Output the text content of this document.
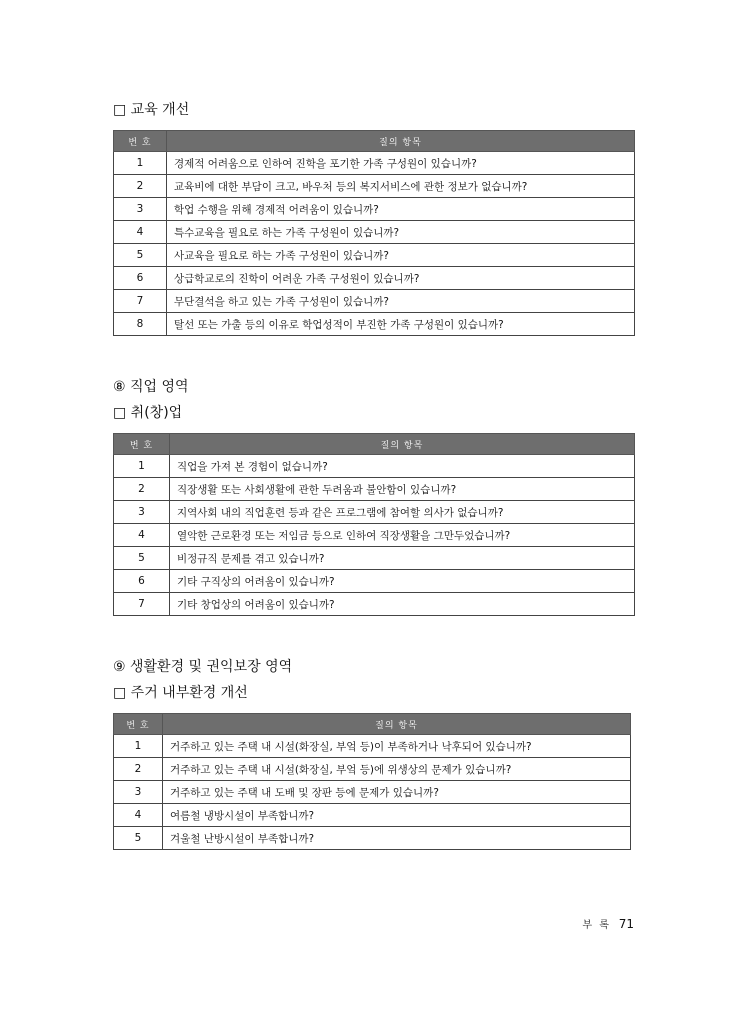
□ 교육 개선
번 호	질의 항목
1	경제적 어려움으로 인하여 진학을 포기한 가족 구성원이 있습니까?
2	교육비에 대한 부담이 크고, 바우처 등의 복지서비스에 관한 정보가 없습니까?
3	학업 수행을 위해 경제적 어려움이 있습니까?
4	특수교육을 필요로 하는 가족 구성원이 있습니까?
5	사교육을 필요로 하는 가족 구성원이 있습니까?
6	상급학교로의 진학이 어려운 가족 구성원이 있습니까?
7	무단결석을 하고 있는 가족 구성원이 있습니까?
8	탈선 또는 가출 등의 이유로 학업성적이 부진한 가족 구성원이 있습니까?
⑧ 직업 영역
□ 취(창)업
번 호	질의 항목
1	직업을 가져 본 경험이 없습니까?
2	직장생활 또는 사회생활에 관한 두려움과 불안함이 있습니까?
3	지역사회 내의 직업훈련 등과 같은 프로그램에 참여할 의사가 없습니까?
4	열악한 근로환경 또는 저임금 등으로 인하여 직장생활을 그만두었습니까?
5	비정규직 문제를 겪고 있습니까?
6	기타 구직상의 어려움이 있습니까?
7	기타 창업상의 어려움이 있습니까?
⑨ 생활환경 및 권익보장 영역
□ 주거 내부환경 개선
번 호	질의 항목
1	거주하고 있는 주택 내 시설(화장실, 부엌 등)이 부족하거나 낙후되어 있습니까?
2	거주하고 있는 주택 내 시설(화장실, 부엌 등)에 위생상의 문제가 있습니까?
3	거주하고 있는 주택 내 도배 및 장판 등에 문제가 있습니까?
4	여름철 냉방시설이 부족합니까?
5	겨울철 난방시설이 부족합니까?
부 록 71
